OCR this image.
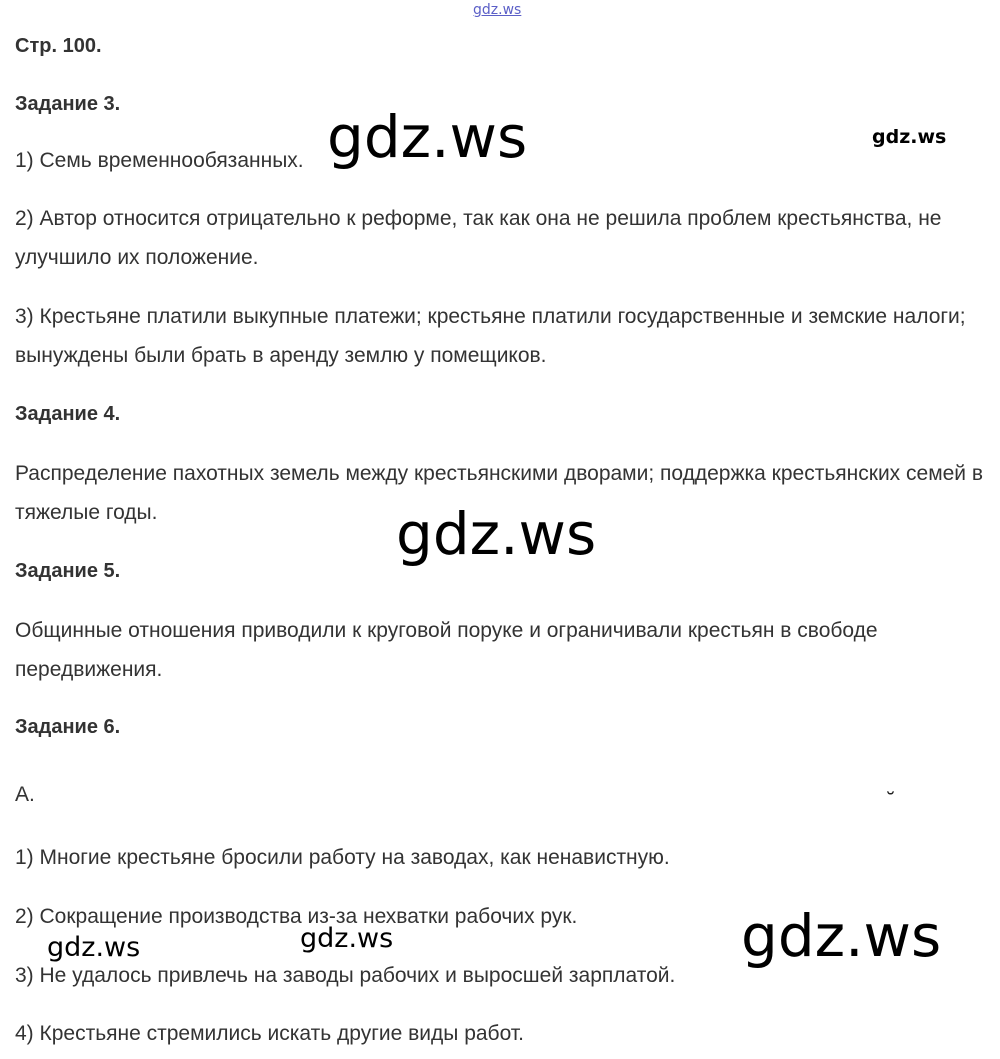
gdz.ws
Стр. 100.
Задание 3.
1) Семь временнообязанных.
2) Автор относится отрицательно к реформе, так как она не решила проблем крестьянства, не улучшило их положение.
3) Крестьяне платили выкупные платежи; крестьяне платили государственные и земские налоги; вынуждены были брать в аренду землю у помещиков.
Задание 4.
Распределение пахотных земель между крестьянскими дворами; поддержка крестьянских семей в тяжелые годы.
Задание 5.
Общинные отношения приводили к круговой поруке и ограничивали крестьян в свободе передвижения.
Задание 6.
А.
1) Многие крестьяне бросили работу на заводах, как ненавистную.
2) Сокращение производства из-за нехватки рабочих рук.
3) Не удалось привлечь на заводы рабочих и выросшей зарплатой.
4) Крестьяне стремились искать другие виды работ.
gdz.ws	gdz.ws
gdz.ws
gdz.ws	gdz.ws	gdz.ws
˘
